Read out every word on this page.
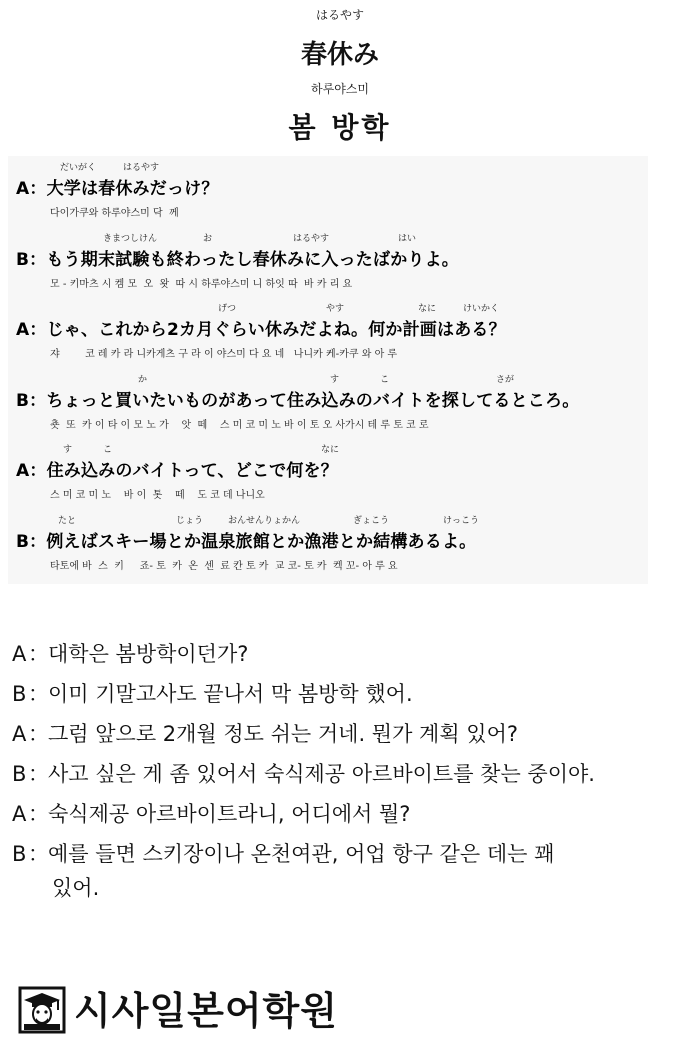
はるやす
春休み
하루야스미
봄 방학
だいがく	はるやす
A：大学は春休みだっけ？
다이가쿠와 하루야스미 닥  께
きまつしけん	お	はるやす	はい
B：もう期末試験も終わったし春休みに入ったばかりよ。
모 - 키마츠 시 켐 모  오  왓  따 시 하루야스미 니 하잇 따  바 카 리 요
げつ	やす	なに	けいかく
A：じゃ、これから2カ月ぐらい休みだよね。何か計画はある？
쟈        코 레 카 라 니카게츠 구 라 이 야스미 다 요 네   나니카 케-카쿠 와 아 루
か	す	こ	さが
B：ちょっと買いたいものがあって住み込みのバイトを探してるところ。
춋  또  카 이 타 이 모 노 가    앗  떼    스 미 코 미 노 바 이 토 오 사가시 테 루 토 코 로
す	こ	なに
A：住み込みのバイトって、どこで何を？
스 미 코 미 노    바 이  톳    떼    도 코 데 나니오
たと	じょう	おんせんりょかん	ぎょこう	けっこう
B：例えばスキー場とか温泉旅館とか漁港とか結構あるよ。
타토에 바  스  키     죠- 토  카  온  센  료 칸 토 카  교 코- 토 카  켁 꼬- 아 루 요
A：대학은 봄방학이던가?
B：이미 기말고사도 끝나서 막 봄방학 했어.
A：그럼 앞으로 2개월 정도 쉬는 거네. 뭔가 계획 있어?
B：사고 싶은 게 좀 있어서 숙식제공 아르바이트를 찾는 중이야.
A：숙식제공 아르바이트라니, 어디에서 뭘?
B：예를 들면 스키장이나 온천여관, 어업 항구 같은 데는 꽤
있어.
시사일본어학원
